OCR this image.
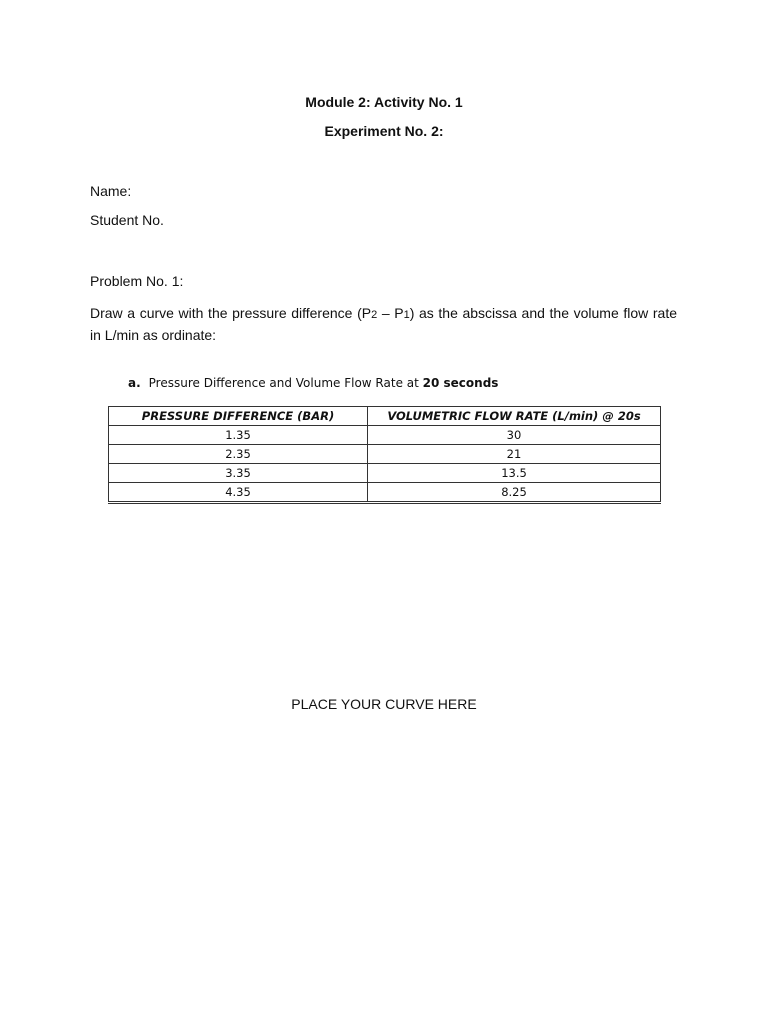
Module 2: Activity No. 1
Experiment No. 2:
Name:
Student No.
Problem No. 1:
Draw a curve with the pressure difference (P2 – P1) as the abscissa and the volume flow rate in L/min as ordinate:
a. Pressure Difference and Volume Flow Rate at 20 seconds
PRESSURE DIFFERENCE (BAR)	VOLUMETRIC FLOW RATE (L/min) @ 20s
1.35	30
2.35	21
3.35	13.5
4.35	8.25
PLACE YOUR CURVE HERE
